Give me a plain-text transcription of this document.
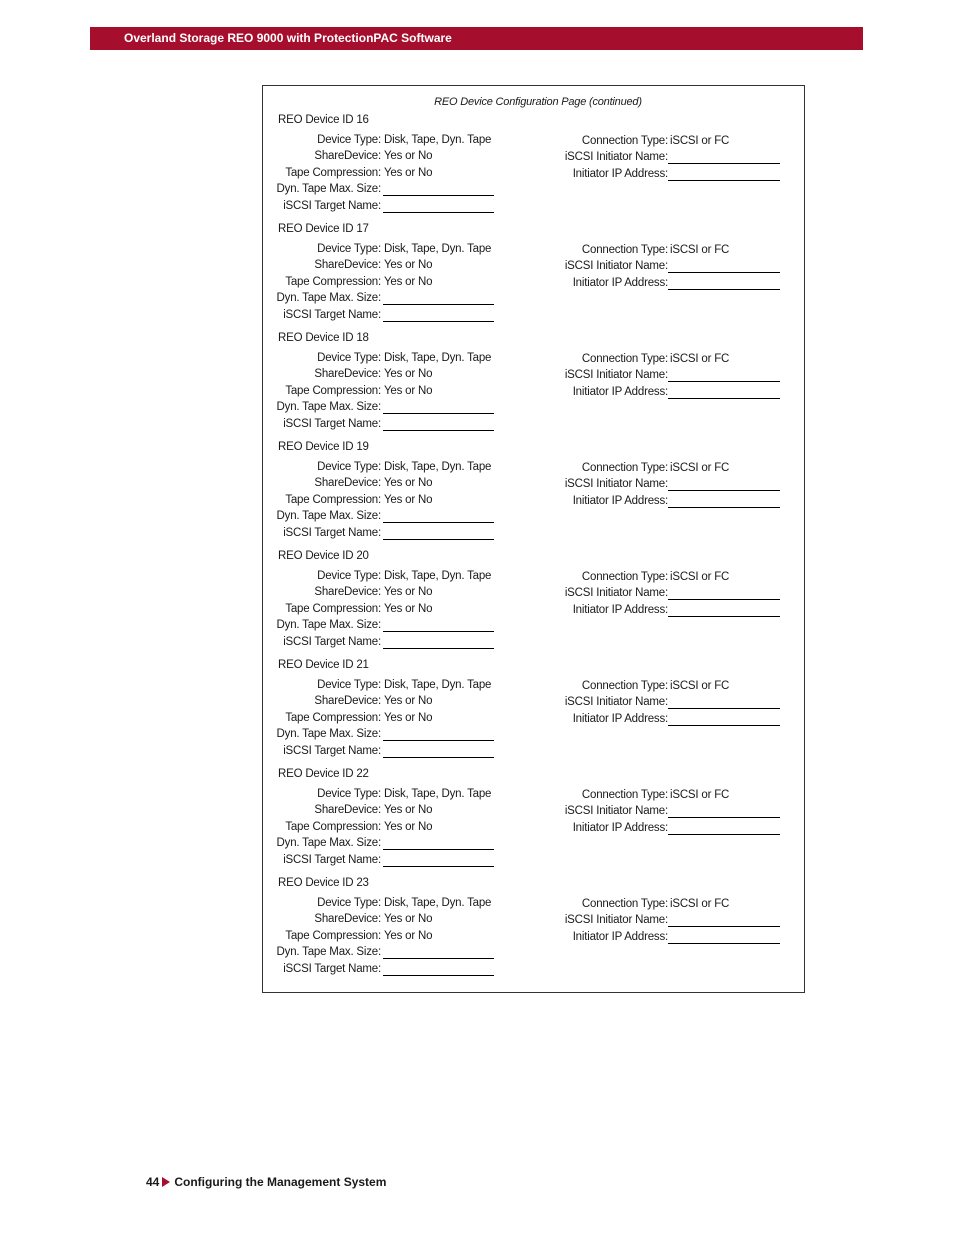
Overland Storage REO 9000 with ProtectionPAC Software
REO Device Configuration Page (continued)
REO Device ID 16
Device Type: Disk, Tape, Dyn. Tape
ShareDevice: Yes or No
Tape Compression: Yes or No
Dyn. Tape Max. Size:
iSCSI Target Name:
Connection Type: iSCSI or FC
iSCSI Initiator Name:
Initiator IP Address:
REO Device ID 17
Device Type: Disk, Tape, Dyn. Tape
ShareDevice: Yes or No
Tape Compression: Yes or No
Dyn. Tape Max. Size:
iSCSI Target Name:
Connection Type: iSCSI or FC
iSCSI Initiator Name:
Initiator IP Address:
REO Device ID 18
Device Type: Disk, Tape, Dyn. Tape
ShareDevice: Yes or No
Tape Compression: Yes or No
Dyn. Tape Max. Size:
iSCSI Target Name:
Connection Type: iSCSI or FC
iSCSI Initiator Name:
Initiator IP Address:
REO Device ID 19
Device Type: Disk, Tape, Dyn. Tape
ShareDevice: Yes or No
Tape Compression: Yes or No
Dyn. Tape Max. Size:
iSCSI Target Name:
Connection Type: iSCSI or FC
iSCSI Initiator Name:
Initiator IP Address:
REO Device ID 20
Device Type: Disk, Tape, Dyn. Tape
ShareDevice: Yes or No
Tape Compression: Yes or No
Dyn. Tape Max. Size:
iSCSI Target Name:
Connection Type: iSCSI or FC
iSCSI Initiator Name:
Initiator IP Address:
REO Device ID 21
Device Type: Disk, Tape, Dyn. Tape
ShareDevice: Yes or No
Tape Compression: Yes or No
Dyn. Tape Max. Size:
iSCSI Target Name:
Connection Type: iSCSI or FC
iSCSI Initiator Name:
Initiator IP Address:
REO Device ID 22
Device Type: Disk, Tape, Dyn. Tape
ShareDevice: Yes or No
Tape Compression: Yes or No
Dyn. Tape Max. Size:
iSCSI Target Name:
Connection Type: iSCSI or FC
iSCSI Initiator Name:
Initiator IP Address:
REO Device ID 23
Device Type: Disk, Tape, Dyn. Tape
ShareDevice: Yes or No
Tape Compression: Yes or No
Dyn. Tape Max. Size:
iSCSI Target Name:
Connection Type: iSCSI or FC
iSCSI Initiator Name:
Initiator IP Address:
44 Configuring the Management System
